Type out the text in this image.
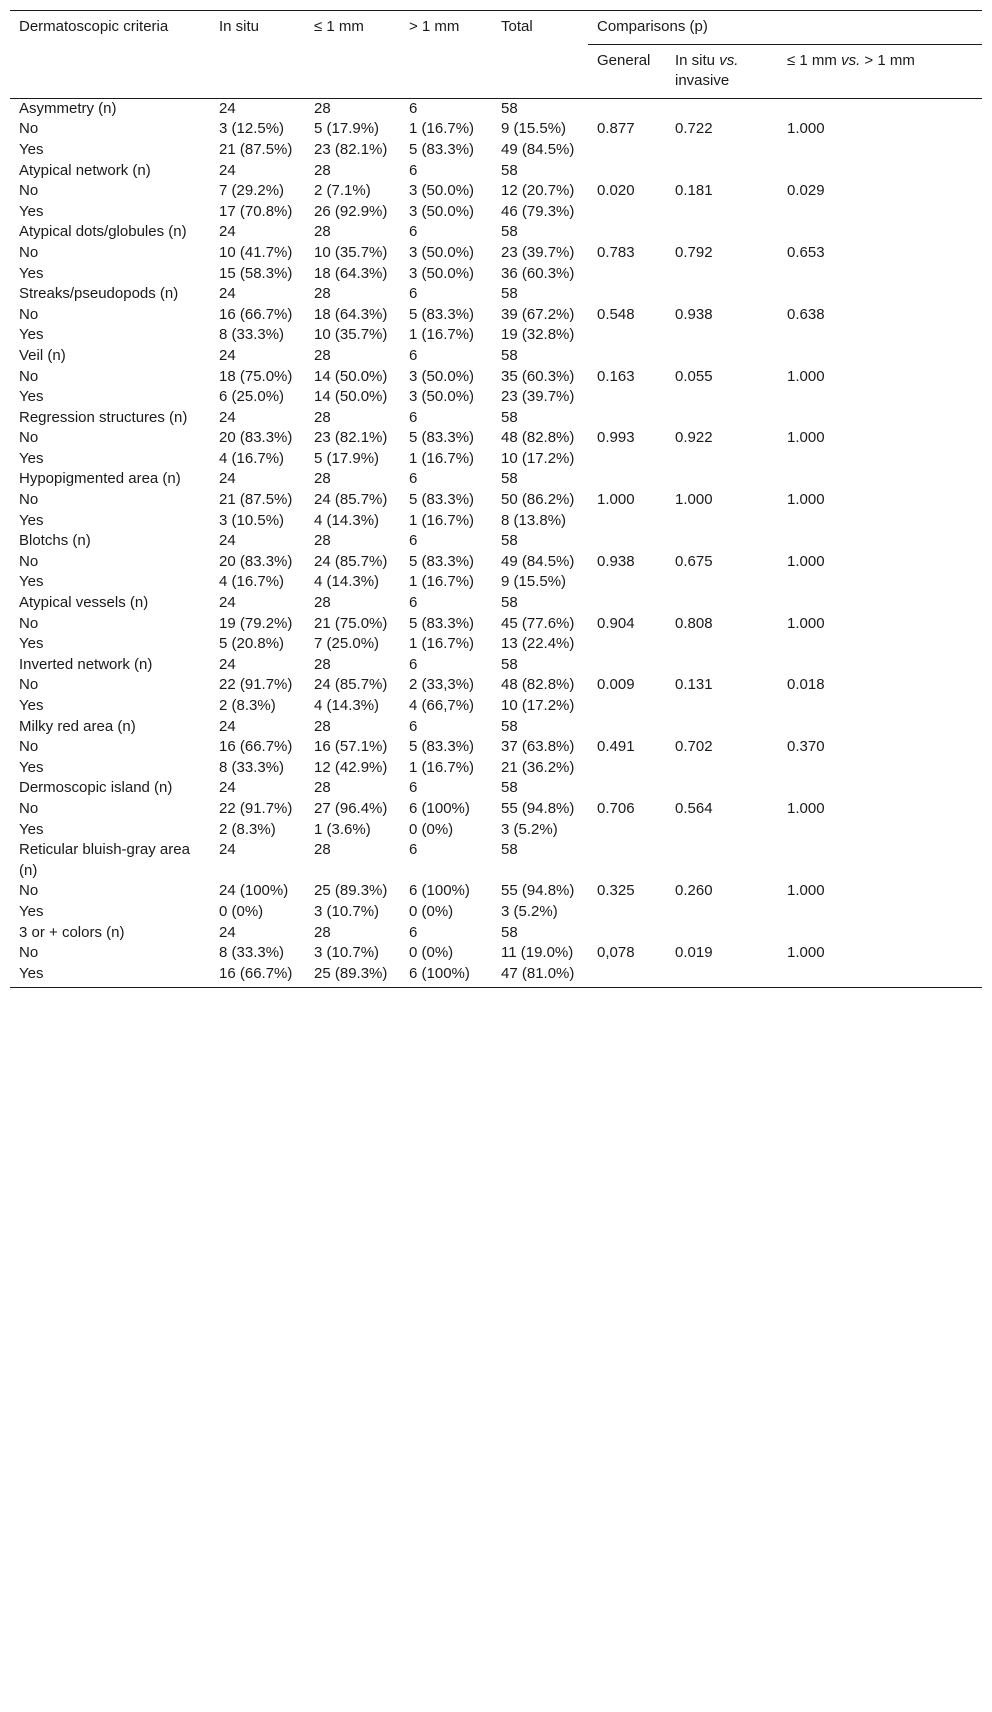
Dermatoscopic criteria	In situ	≤ 1 mm	> 1 mm	Total	Comparisons (p)		
					General	In situ vs. invasive	≤ 1 mm vs. > 1 mm
Asymmetry (n)	24	28	6	58			
No	3 (12.5%)	5 (17.9%)	1 (16.7%)	9 (15.5%)	0.877	0.722	1.000
Yes	21 (87.5%)	23 (82.1%)	5 (83.3%)	49 (84.5%)			
Atypical network (n)	24	28	6	58			
No	7 (29.2%)	2 (7.1%)	3 (50.0%)	12 (20.7%)	0.020	0.181	0.029
Yes	17 (70.8%)	26 (92.9%)	3 (50.0%)	46 (79.3%)			
Atypical dots/globules (n)	24	28	6	58			
No	10 (41.7%)	10 (35.7%)	3 (50.0%)	23 (39.7%)	0.783	0.792	0.653
Yes	15 (58.3%)	18 (64.3%)	3 (50.0%)	36 (60.3%)			
Streaks/pseudopods (n)	24	28	6	58			
No	16 (66.7%)	18 (64.3%)	5 (83.3%)	39 (67.2%)	0.548	0.938	0.638
Yes	8 (33.3%)	10 (35.7%)	1 (16.7%)	19 (32.8%)			
Veil (n)	24	28	6	58			
No	18 (75.0%)	14 (50.0%)	3 (50.0%)	35 (60.3%)	0.163	0.055	1.000
Yes	6 (25.0%)	14 (50.0%)	3 (50.0%)	23 (39.7%)			
Regression structures (n)	24	28	6	58			
No	20 (83.3%)	23 (82.1%)	5 (83.3%)	48 (82.8%)	0.993	0.922	1.000
Yes	4 (16.7%)	5 (17.9%)	1 (16.7%)	10 (17.2%)			
Hypopigmented area (n)	24	28	6	58			
No	21 (87.5%)	24 (85.7%)	5 (83.3%)	50 (86.2%)	1.000	1.000	1.000
Yes	3 (10.5%)	4 (14.3%)	1 (16.7%)	8 (13.8%)			
Blotchs (n)	24	28	6	58			
No	20 (83.3%)	24 (85.7%)	5 (83.3%)	49 (84.5%)	0.938	0.675	1.000
Yes	4 (16.7%)	4 (14.3%)	1 (16.7%)	9 (15.5%)			
Atypical vessels (n)	24	28	6	58			
No	19 (79.2%)	21 (75.0%)	5 (83.3%)	45 (77.6%)	0.904	0.808	1.000
Yes	5 (20.8%)	7 (25.0%)	1 (16.7%)	13 (22.4%)			
Inverted network (n)	24	28	6	58			
No	22 (91.7%)	24 (85.7%)	2 (33,3%)	48 (82.8%)	0.009	0.131	0.018
Yes	2 (8.3%)	4 (14.3%)	4 (66,7%)	10 (17.2%)			
Milky red area (n)	24	28	6	58			
No	16 (66.7%)	16 (57.1%)	5 (83.3%)	37 (63.8%)	0.491	0.702	0.370
Yes	8 (33.3%)	12 (42.9%)	1 (16.7%)	21 (36.2%)			
Dermoscopic island (n)	24	28	6	58			
No	22 (91.7%)	27 (96.4%)	6 (100%)	55 (94.8%)	0.706	0.564	1.000
Yes	2 (8.3%)	1 (3.6%)	0 (0%)	3 (5.2%)			
Reticular bluish-gray area (n)	24	28	6	58			
No	24 (100%)	25 (89.3%)	6 (100%)	55 (94.8%)	0.325	0.260	1.000
Yes	0 (0%)	3 (10.7%)	0 (0%)	3 (5.2%)			
3 or + colors (n)	24	28	6	58			
No	8 (33.3%)	3 (10.7%)	0 (0%)	11 (19.0%)	0,078	0.019	1.000
Yes	16 (66.7%)	25 (89.3%)	6 (100%)	47 (81.0%)			
